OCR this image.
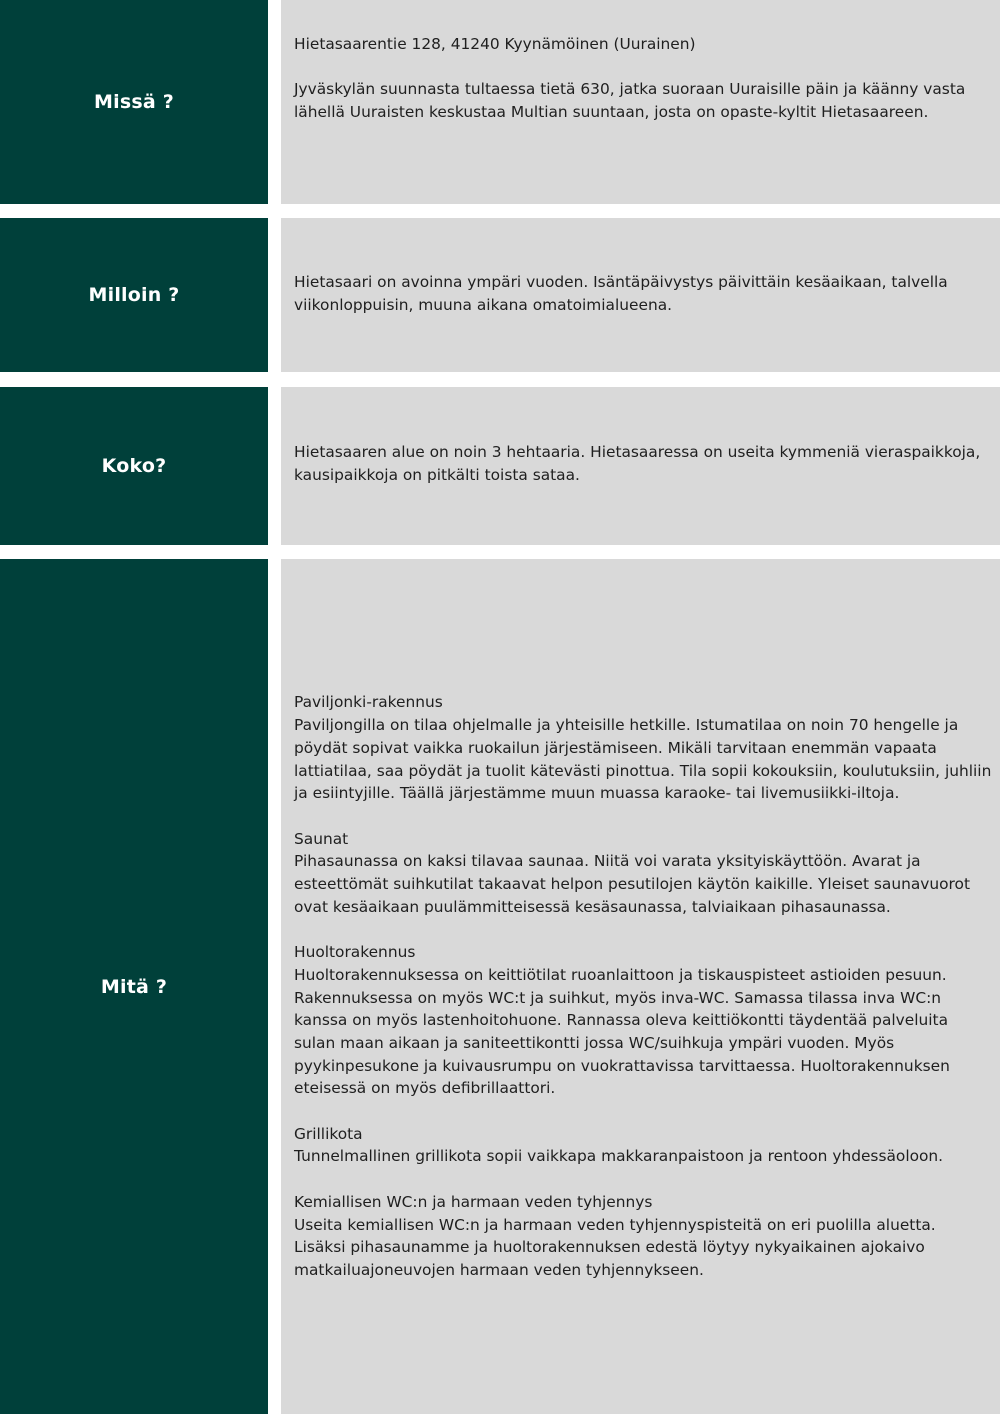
Missä ?

Hietasaarentie 128, 41240 Kyynämöinen (Uurainen)

Jyväskylän suunnasta tultaessa tietä 630, jatka suoraan Uuraisille päin ja käänny vasta lähellä Uuraisten keskustaa Multian suuntaan, josta on opaste-kyltit Hietasaareen.

Milloin ?

Hietasaari on avoinna ympäri vuoden. Isäntäpäivystys päivittäin kesäaikaan, talvella viikonloppuisin, muuna aikana omatoimialueena.

Koko?

Hietasaaren alue on noin 3 hehtaaria. Hietasaaressa on useita kymmeniä vieraspaikkoja, kausipaikkoja on pitkälti toista sataa.

Mitä ?

Paviljonki-rakennus

Paviljongilla on tilaa ohjelmalle ja yhteisille hetkille. Istumatilaa on noin 70 hengelle ja pöydät sopivat vaikka ruokailun järjestämiseen. Mikäli tarvitaan enemmän vapaata lattiatilaa, saa pöydät ja tuolit kätevästi pinottua. Tila sopii kokouksiin, koulutuksiin, juhliin ja esiintyjille. Täällä järjestämme muun muassa karaoke- tai livemusiikki-iltoja.

Saunat

Pihasaunassa on kaksi tilavaa saunaa. Niitä voi varata yksityiskäyttöön. Avarat ja esteettömät suihkutilat takaavat helpon pesutilojen käytön kaikille. Yleiset saunavuorot ovat kesäaikaan puulämmitteisessä kesäsaunassa, talviaikaan pihasaunassa.

Huoltorakennus

Huoltorakennuksessa on keittiötilat ruoanlaittoon ja tiskauspisteet astioiden pesuun. Rakennuksessa on myös WC:t ja suihkut, myös inva-WC. Samassa tilassa inva WC:n kanssa on myös lastenhoitohuone. Rannassa oleva keittiökontti täydentää palveluita sulan maan aikaan ja saniteettikontti jossa WC/suihkuja ympäri vuoden. Myös pyykinpesukone ja kuivausrumpu on vuokrattavissa tarvittaessa. Huoltorakennuksen eteisessä on myös defibrillaattori.

Grillikota

Tunnelmallinen grillikota sopii vaikkapa makkaranpaistoon ja rentoon yhdessäoloon.

Kemiallisen WC:n ja harmaan veden tyhjennys

Useita kemiallisen WC:n ja harmaan veden tyhjennyspisteitä on eri puolilla aluetta. Lisäksi pihasaunamme ja huoltorakennuksen edestä löytyy nykyaikainen ajokaivo matkailuajoneuvojen harmaan veden tyhjennykseen.
